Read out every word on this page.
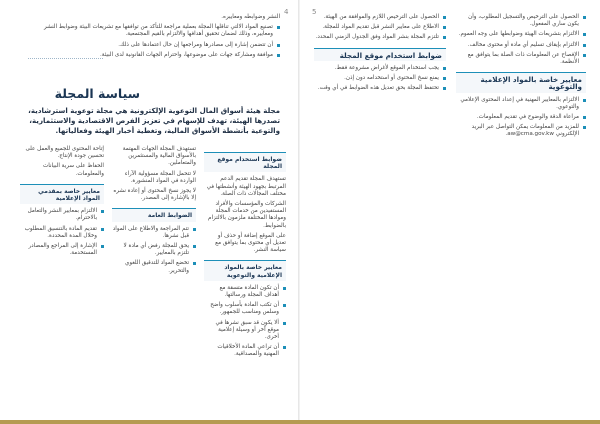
4

النشر وضوابطه ومعاييره.

تصنيع المواد الالتي تناقلها المجلة بعملية مراجعة للتأكد من توافقها مع تشريعات البيئة وضوابط النشر ومعاييره، وذلك لضمان تحقيق أهدافها والالتزام بالقيم المجتمعية.

أن تتضمن إشارة إلى مصادرها ومراجعها إن حال اعتمادها على ذلك.

موافقة ومشاركة جهات على موضوعها، واحترام الجهات القانونية لدى البيئة.

سياسة المجلة
مجلة هيئة أسواق المال التوعوية الإلكترونية هي مجلة توعوية استرشادية، تصدرها الهيئة، تهدف للإسهام في تعزيز الفرص الاقتصادية والاستثمارية، والتوعية بأنشطة الأسواق المالية، وتغطية أخبار الهيئة وفعالياتها.
ضوابط استخدام موقع المجلة

تستهدف المجلة تقديم الدعم المرتبط بجهود الهيئة وأنشطتها في مختلف المجالات ذات الصلة.

الشركات والمؤسسات والأفراد المستفيدين من خدمات المجلة وموادها المختلفة ملزمون بالالتزام بالضوابط.

على الموقع إضافة أو حذف أو تعديل أي محتوى بما يتوافق مع سياسة النشر.

معايير خاصة بالمواد الإعلامية والتوعوية

أن تكون المادة متسقة مع أهداف المجلة ورسالتها.

أن تكتب المادة بأسلوب واضح وسلس ومناسب للجمهور.

ألا يكون قد سبق نشرها في موقع آخر أو وسيلة إعلامية أخرى.

أن تراعي المادة الأخلاقيات المهنية والمصداقية.

تستهدف المجلة الجهات المهتمة بالأسواق المالية والمستثمرين والمتعاملين.

لا تتحمل المجلة مسؤولية الآراء الواردة في المواد المنشورة.

لا يجوز نسخ المحتوى أو إعادة نشره إلا بالإشارة إلى المصدر.

الضوابط العامة

تتم المراجعة والاطلاع على المواد قبل نشرها.

يحق للمجلة رفض أي مادة لا تلتزم بالمعايير.

تخضع المواد للتدقيق اللغوي والتحرير.

إتاحة المحتوى للجميع والعمل على تحسين جودة الإنتاج.

الحفاظ على سرية البيانات والمعلومات.

معايير خاصة بمقدمي المواد الإعلامية

الالتزام بمعايير النشر والتعامل بالاحترام.

تقديم المادة بالتنسيق المطلوب وخلال المدة المحددة.

الإشارة إلى المراجع والمصادر المستخدمة.

5

الحصول على الترخيص والتسجيل المطلوب، وأن يكون ساري المفعول.

الالتزام بتشريعات الهيئة وضوابطها على وجه العموم.

الالتزام بإيقاف تسليم أي مادة أو محتوى مخالف.

الإفصاح عن المعلومات ذات الصلة بما يتوافق مع الأنظمة.

معايير خاصة بالمواد الإعلامية والتوعوية

الالتزام بالمعايير المهنية في إعداد المحتوى الإعلامي والتوعوي.

مراعاة الدقة والوضوح في تقديم المعلومات.

للمزيد من المعلومات يمكن التواصل عبر البريد الإلكتروني aw@cma.gov.kw.

الحصول على الترخيص اللازم والموافقة من الهيئة.

الاطلاع على معايير النشر قبل تقديم المواد للمجلة.

تلتزم المجلة بنشر المواد وفق الجدول الزمني المحدد.

ضوابط استخدام موقع المجلة

يجب استخدام الموقع لأغراض مشروعة فقط.

يمنع نسخ المحتوى أو استخدامه دون إذن.

تحتفظ المجلة بحق تعديل هذه الضوابط في أي وقت.
